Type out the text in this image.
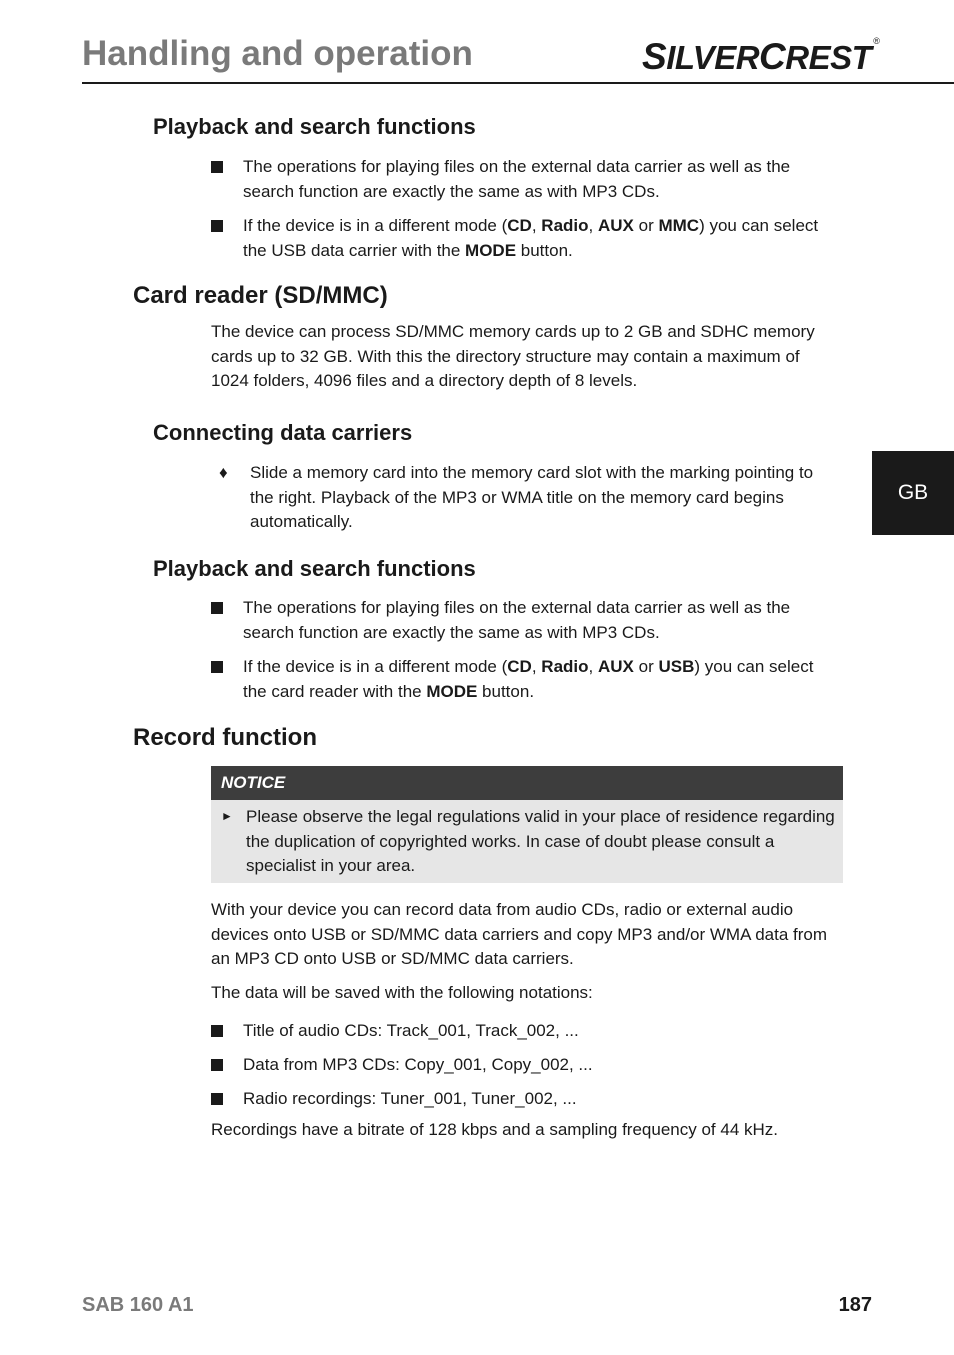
Handling and operation	SILVERCREST ®
Playback and search functions
The operations for playing files on the external data carrier as well as the search function are exactly the same as with MP3 CDs.
If the device is in a different mode (CD, Radio, AUX or MMC) you can select the USB data carrier with the MODE button.
Card reader (SD/MMC)
The device can process SD/MMC memory cards up to 2 GB and SDHC memory cards up to 32 GB. With this the directory structure may contain a maximum of 1024 folders, 4096 files and a directory depth of 8 levels.
Connecting data carriers
♦ Slide a memory card into the memory card slot with the marking pointing to the right. Playback of the MP3 or WMA title on the memory card begins automatically.
GB
Playback and search functions
The operations for playing files on the external data carrier as well as the search function are exactly the same as with MP3 CDs.
If the device is in a different mode (CD, Radio, AUX or USB) you can select the card reader with the MODE button.
Record function
NOTICE
► Please observe the legal regulations valid in your place of residence regarding the duplication of copyrighted works. In case of doubt please consult a specialist in your area.
With your device you can record data from audio CDs, radio or external audio devices onto USB or SD/MMC data carriers and copy MP3 and/or WMA data from an MP3 CD onto USB or SD/MMC data carriers.
The data will be saved with the following notations:
Title of audio CDs: Track_001, Track_002, ...
Data from MP3 CDs: Copy_001, Copy_002, ...
Radio recordings: Tuner_001, Tuner_002, ...
Recordings have a bitrate of 128 kbps and a sampling frequency of 44 kHz.
SAB 160 A1	187
